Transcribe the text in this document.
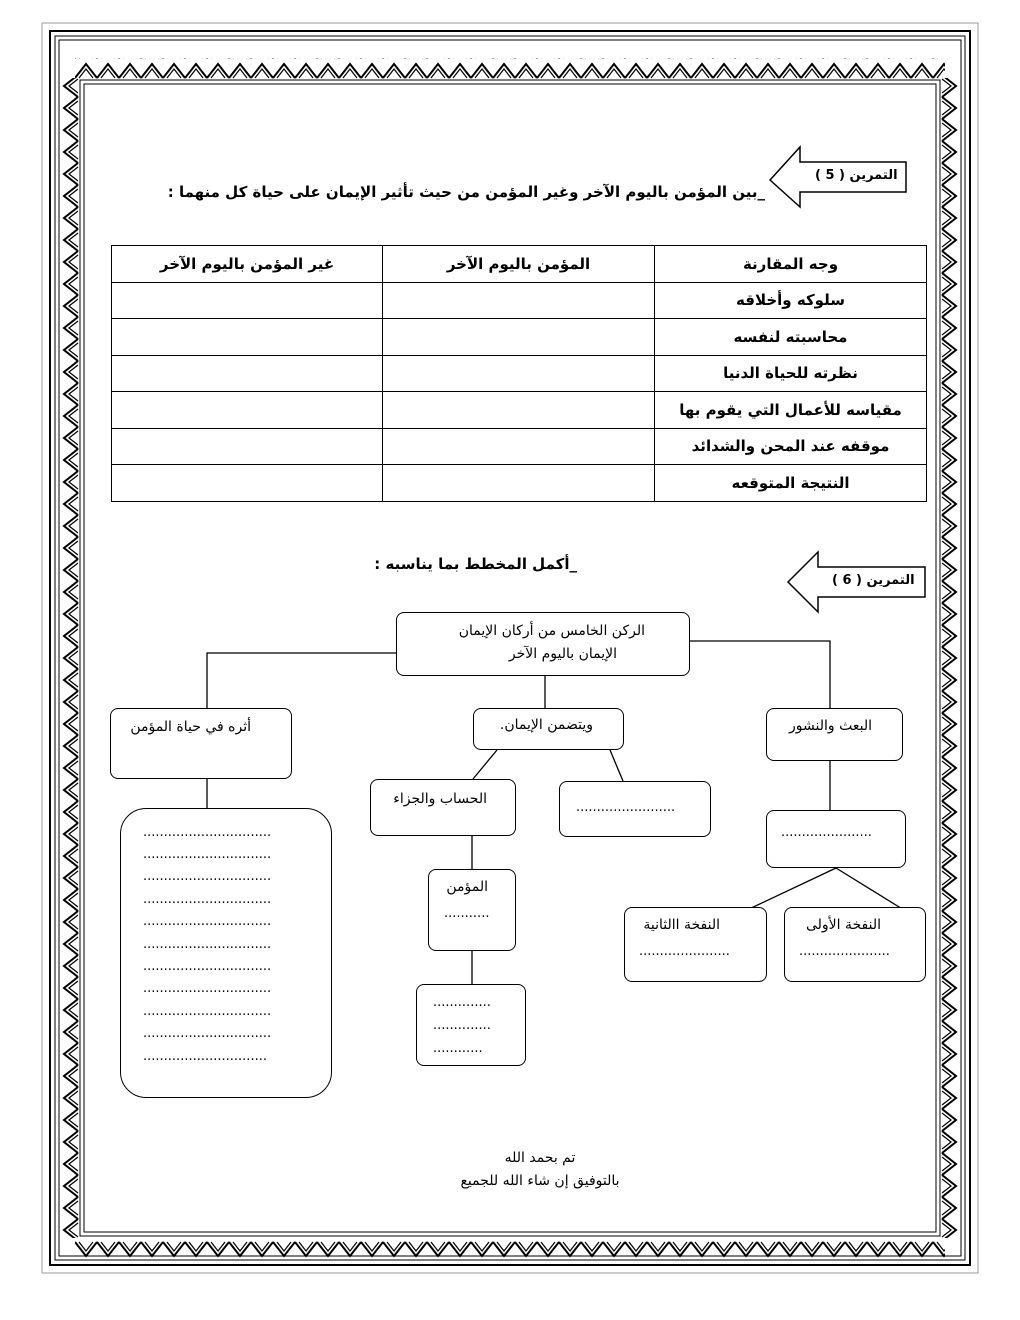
التمرين ( 5 )
_بين المؤمن باليوم الآخر وغير المؤمن من حيث تأثير الإيمان على حياة كل منهما :
وجه المقارنة	المؤمن باليوم الآخر	غير المؤمن باليوم الآخر
سلوكه وأخلاقه		
محاسبته لنفسه		
نظرته للحياة الدنيا		
مقياسه للأعمال التي يقوم بها		
موقفه عند المحن والشدائد		
النتيجة المتوقعه		
التمرين ( 6 )
_أكمل المخطط بما يناسبه :
الركن الخامس من أركان الإيمان
الإيمان باليوم الآخر
البعث والنشور
ويتضمن الإيمان.
أثره في حياة المؤمن
الحساب والجزاء
........................
......................
النفخة الأولى
......................
النفخة االثانية
......................
المؤمن
...........
..............
..............
............
...............................
...............................
...............................
...............................
...............................
...............................
...............................
...............................
...............................
...............................
..............................
تم بحمد الله
بالتوفيق إن شاء الله للجميع
